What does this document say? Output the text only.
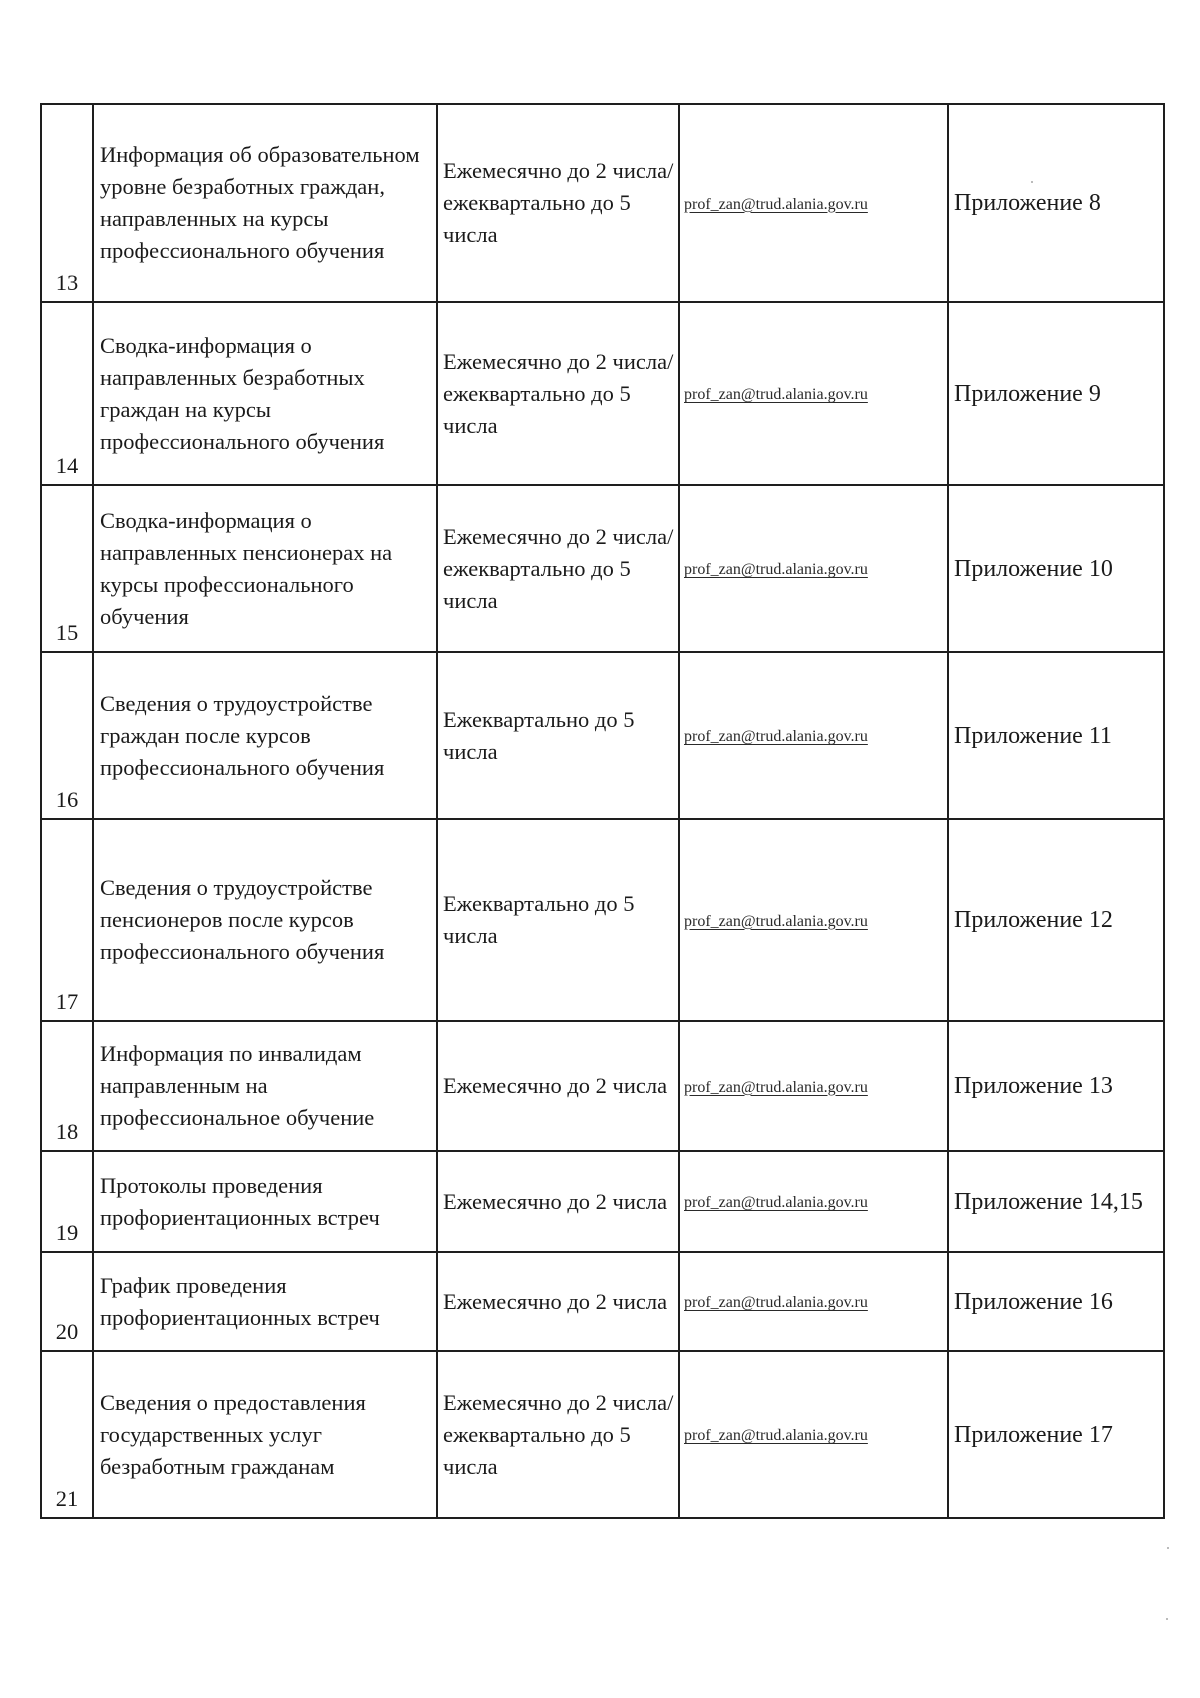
13	Информация об образовательном уровне безработных граждан, направленных на курсы профессионального обучения	Ежемесячно до 2 числа/ ежеквартально до 5 числа	prof_zan@trud.alania.gov.ru	Приложение 8
14	Сводка-информация о направленных безработных граждан на курсы профессионального обучения	Ежемесячно до 2 числа/ ежеквартально до 5 числа	prof_zan@trud.alania.gov.ru	Приложение 9
15	Сводка-информация о направленных пенсионерах на курсы профессионального обучения	Ежемесячно до 2 числа/ ежеквартально до 5 числа	prof_zan@trud.alania.gov.ru	Приложение 10
16	Сведения о трудоустройстве граждан после курсов профессионального обучения	Ежеквартально до 5 числа	prof_zan@trud.alania.gov.ru	Приложение 11
17	Сведения о трудоустройстве пенсионеров после курсов профессионального обучения	Ежеквартально до 5 числа	prof_zan@trud.alania.gov.ru	Приложение 12
18	Информация по инвалидам направленным на профессиональное обучение	Ежемесячно до 2 числа	prof_zan@trud.alania.gov.ru	Приложение 13
19	Протоколы проведения профориентационных встреч	Ежемесячно до 2 числа	prof_zan@trud.alania.gov.ru	Приложение 14,15
20	График проведения профориентационных встреч	Ежемесячно до 2 числа	prof_zan@trud.alania.gov.ru	Приложение 16
21	Сведения о предоставления государственных услуг безработным гражданам	Ежемесячно до 2 числа/ ежеквартально до 5 числа	prof_zan@trud.alania.gov.ru	Приложение 17
